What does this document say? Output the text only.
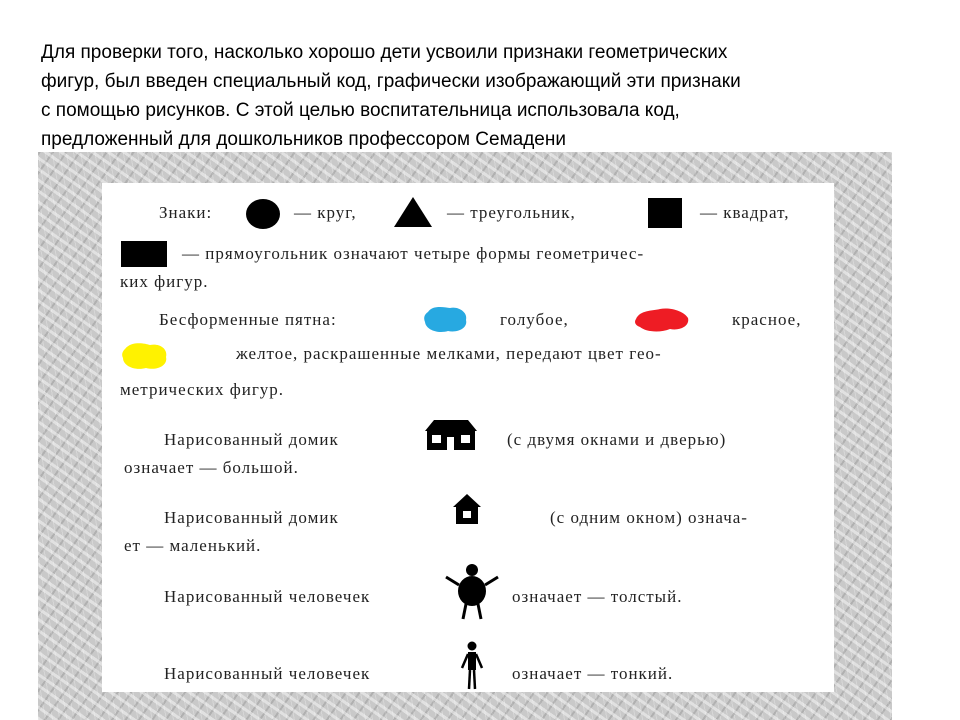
Для проверки того, насколько хорошо дети усвоили признаки геометрических
фигур, был введен специальный код, графически изображающий эти признаки
с помощью рисунков. С этой целью воспитательница использовала код,
предложенный для дошкольников профессором Семадени
Знаки:	— круг,	— треугольник,	— квадрат,
— прямоугольник означают четыре формы геометричес-
ких фигур.
Бесформенные пятна:	голубое,	красное,
желтое, раскрашенные мелками, передают цвет гео-
метрических фигур.
Нарисованный домик	(с двумя окнами и дверью)
означает — большой.
Нарисованный домик	(с одним окном) означа-
ет — маленький.
Нарисованный человечек	означает — толстый.
Нарисованный человечек	означает — тонкий.
